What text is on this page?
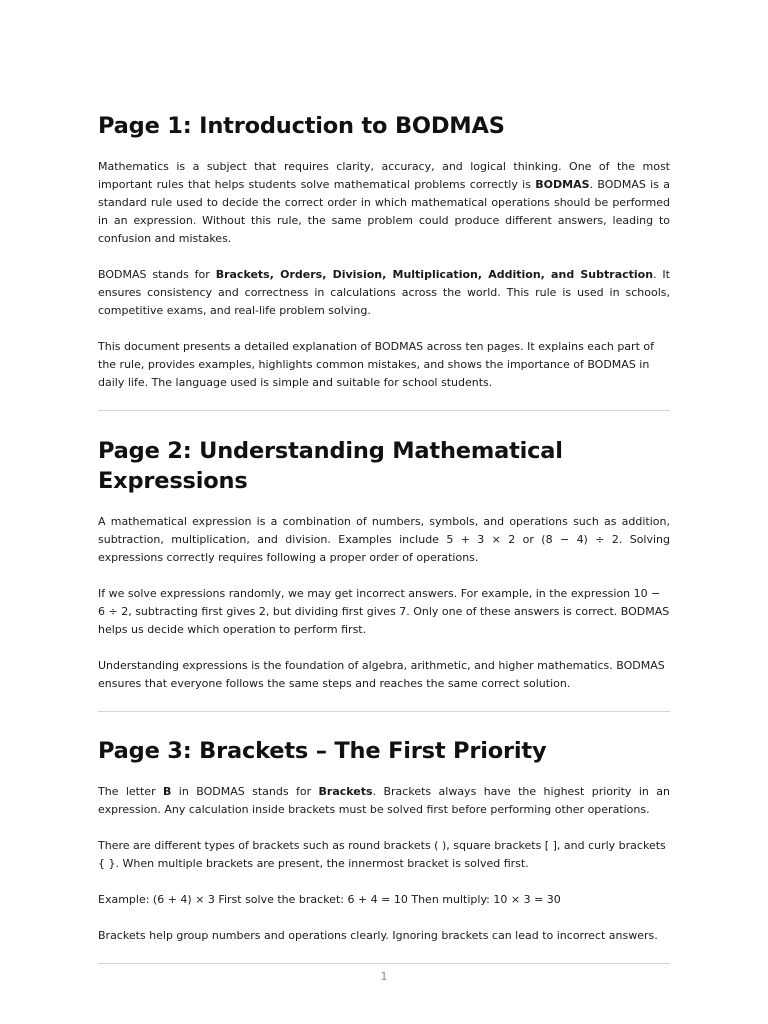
Page 1: Introduction to BODMAS

Mathematics is a subject that requires clarity, accuracy, and logical thinking. One of the most important rules that helps students solve mathematical problems correctly is BODMAS. BODMAS is a standard rule used to decide the correct order in which mathematical operations should be performed in an expression. Without this rule, the same problem could produce different answers, leading to confusion and mistakes.

BODMAS stands for Brackets, Orders, Division, Multiplication, Addition, and Subtraction. It ensures consistency and correctness in calculations across the world. This rule is used in schools, competitive exams, and real-life problem solving.

This document presents a detailed explanation of BODMAS across ten pages. It explains each part of the rule, provides examples, highlights common mistakes, and shows the importance of BODMAS in daily life. The language used is simple and suitable for school students.

Page 2: Understanding Mathematical Expressions

A mathematical expression is a combination of numbers, symbols, and operations such as addition, subtraction, multiplication, and division. Examples include 5 + 3 × 2 or (8 − 4) ÷ 2. Solving expressions correctly requires following a proper order of operations.

If we solve expressions randomly, we may get incorrect answers. For example, in the expression 10 − 6 ÷ 2, subtracting first gives 2, but dividing first gives 7. Only one of these answers is correct. BODMAS helps us decide which operation to perform first.

Understanding expressions is the foundation of algebra, arithmetic, and higher mathematics. BODMAS ensures that everyone follows the same steps and reaches the same correct solution.

Page 3: Brackets – The First Priority

The letter B in BODMAS stands for Brackets. Brackets always have the highest priority in an expression. Any calculation inside brackets must be solved first before performing other operations.

There are different types of brackets such as round brackets ( ), square brackets [ ], and curly brackets { }. When multiple brackets are present, the innermost bracket is solved first.

Example: (6 + 4) × 3 First solve the bracket: 6 + 4 = 10 Then multiply: 10 × 3 = 30

Brackets help group numbers and operations clearly. Ignoring brackets can lead to incorrect answers.

1
